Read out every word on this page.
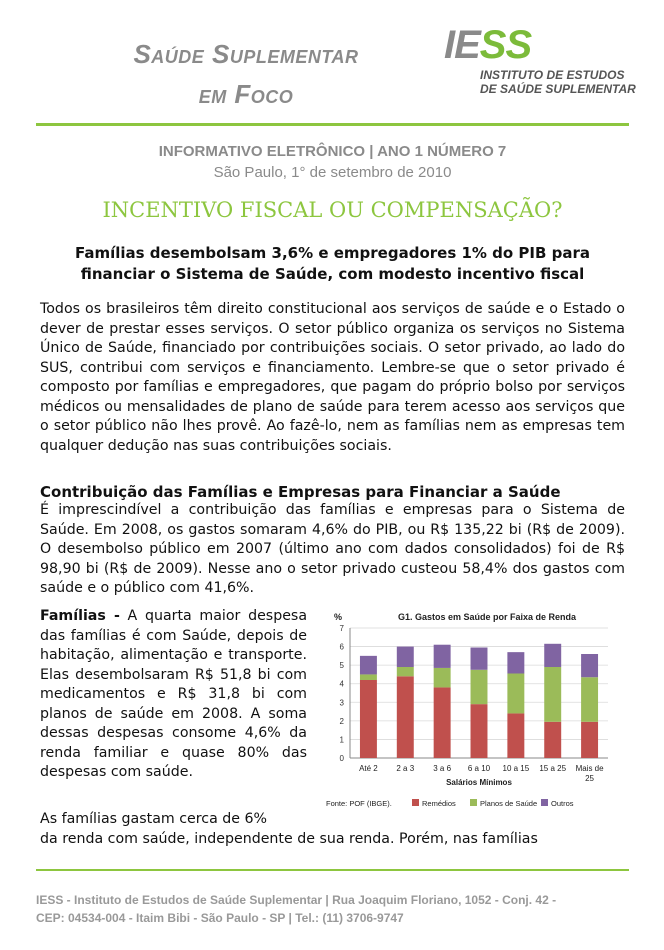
Saúde Suplementar
em Foco
IESS
INSTITUTO DE ESTUDOS
DE SAÚDE SUPLEMENTAR
INFORMATIVO ELETRÔNICO | ANO 1 NÚMERO 7
São Paulo, 1° de setembro de 2010
INCENTIVO FISCAL OU COMPENSAÇÃO?
Famílias desembolsam 3,6% e empregadores 1% do PIB para financiar o Sistema de Saúde, com modesto incentivo fiscal
Todos os brasileiros têm direito constitucional aos serviços de saúde e o Estado o dever de prestar esses serviços. O setor público organiza os serviços no Sistema Único de Saúde, financiado por contribuições sociais. O setor privado, ao lado do SUS, contribui com serviços e financiamento. Lembre-se que o setor privado é composto por famílias e empregadores, que pagam do próprio bolso por serviços médicos ou mensalidades de plano de saúde para terem acesso aos serviços que o setor público não lhes provê. Ao fazê-lo, nem as famílias nem as empresas tem qualquer dedução nas suas contribuições sociais.
Contribuição das Famílias e Empresas para Financiar a Saúde
É imprescindível a contribuição das famílias e empresas para o Sistema de Saúde. Em 2008, os gastos somaram 4,6% do PIB, ou R$ 135,22 bi (R$ de 2009). O desembolso público em 2007 (último ano com dados consolidados) foi de R$ 98,90 bi (R$ de 2009). Nesse ano o setor privado custeou 58,4% dos gastos com saúde e o público com 41,6%.
Famílias - A quarta maior despesa das famílias é com Saúde, depois de habitação, alimentação e transporte. Elas desembolsaram R$ 51,8 bi com medicamentos e R$ 31,8 bi com planos de saúde em 2008. A soma dessas despesas consome 4,6% da renda familiar e quase 80% das despesas com saúde.
As famílias gastam cerca de 6%
da renda com saúde, independente de sua renda. Porém, nas famílias
G1. Gastos em Saúde por Faixa de Renda
%
0
1
2
3
4
5
6
7
Até 2 2 a 3 3 a 6 6 a 10 10 a 15 15 a 25 Mais de
25
Salários Mínimos
Fonte: POF (IBGE).	Remédios	Planos de Saúde Outros
IESS - Instituto de Estudos de Saúde Suplementar | Rua Joaquim Floriano, 1052 - Conj. 42 -
CEP: 04534-004 - Itaim Bibi - São Paulo - SP | Tel.: (11) 3706-9747
